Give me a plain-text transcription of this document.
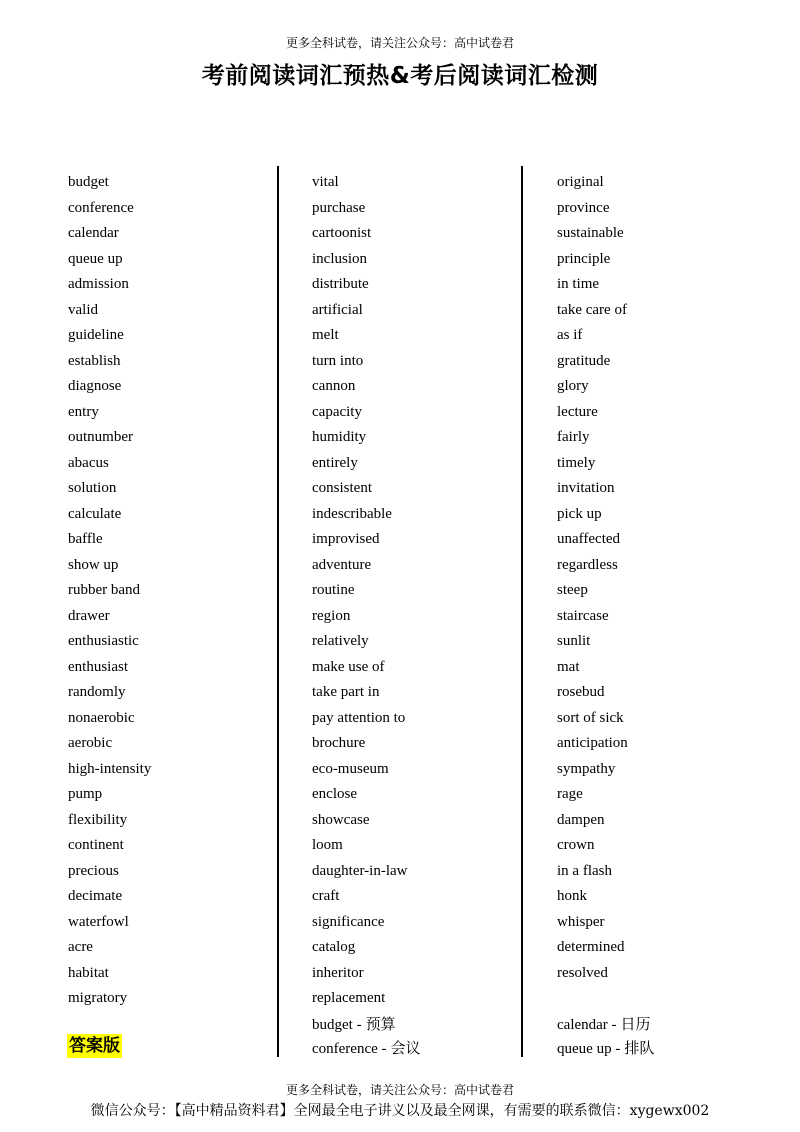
更多全科试卷，请关注公众号：高中试卷君
考前阅读词汇预热&考后阅读词汇检测
budget
conference
calendar
queue up
admission
valid
guideline
establish
diagnose
entry
outnumber
abacus
solution
calculate
baffle
show up
rubber band
drawer
enthusiastic
enthusiast
randomly
nonaerobic
aerobic
high-intensity
pump
flexibility
continent
precious
decimate
waterfowl
acre
habitat
migratory
vital
purchase
cartoonist
inclusion
distribute
artificial
melt
turn into
cannon
capacity
humidity
entirely
consistent
indescribable
improvised
adventure
routine
region
relatively
make use of
take part in
pay attention to
brochure
eco-museum
enclose
showcase
loom
daughter-in-law
craft
significance
catalog
inheritor
replacement
original
province
sustainable
principle
in time
take care of
as if
gratitude
glory
lecture
fairly
timely
invitation
pick up
unaffected
regardless
steep
staircase
sunlit
mat
rosebud
sort of sick
anticipation
sympathy
rage
dampen
crown
in a flash
honk
whisper
determined
resolved
答案版
budget - 预算
conference - 会议
calendar - 日历
queue up - 排队
更多全科试卷，请关注公众号：高中试卷君
微信公众号：【高中精品资料君】全网最全电子讲义以及最全网课，有需要的联系微信：xygewx002
